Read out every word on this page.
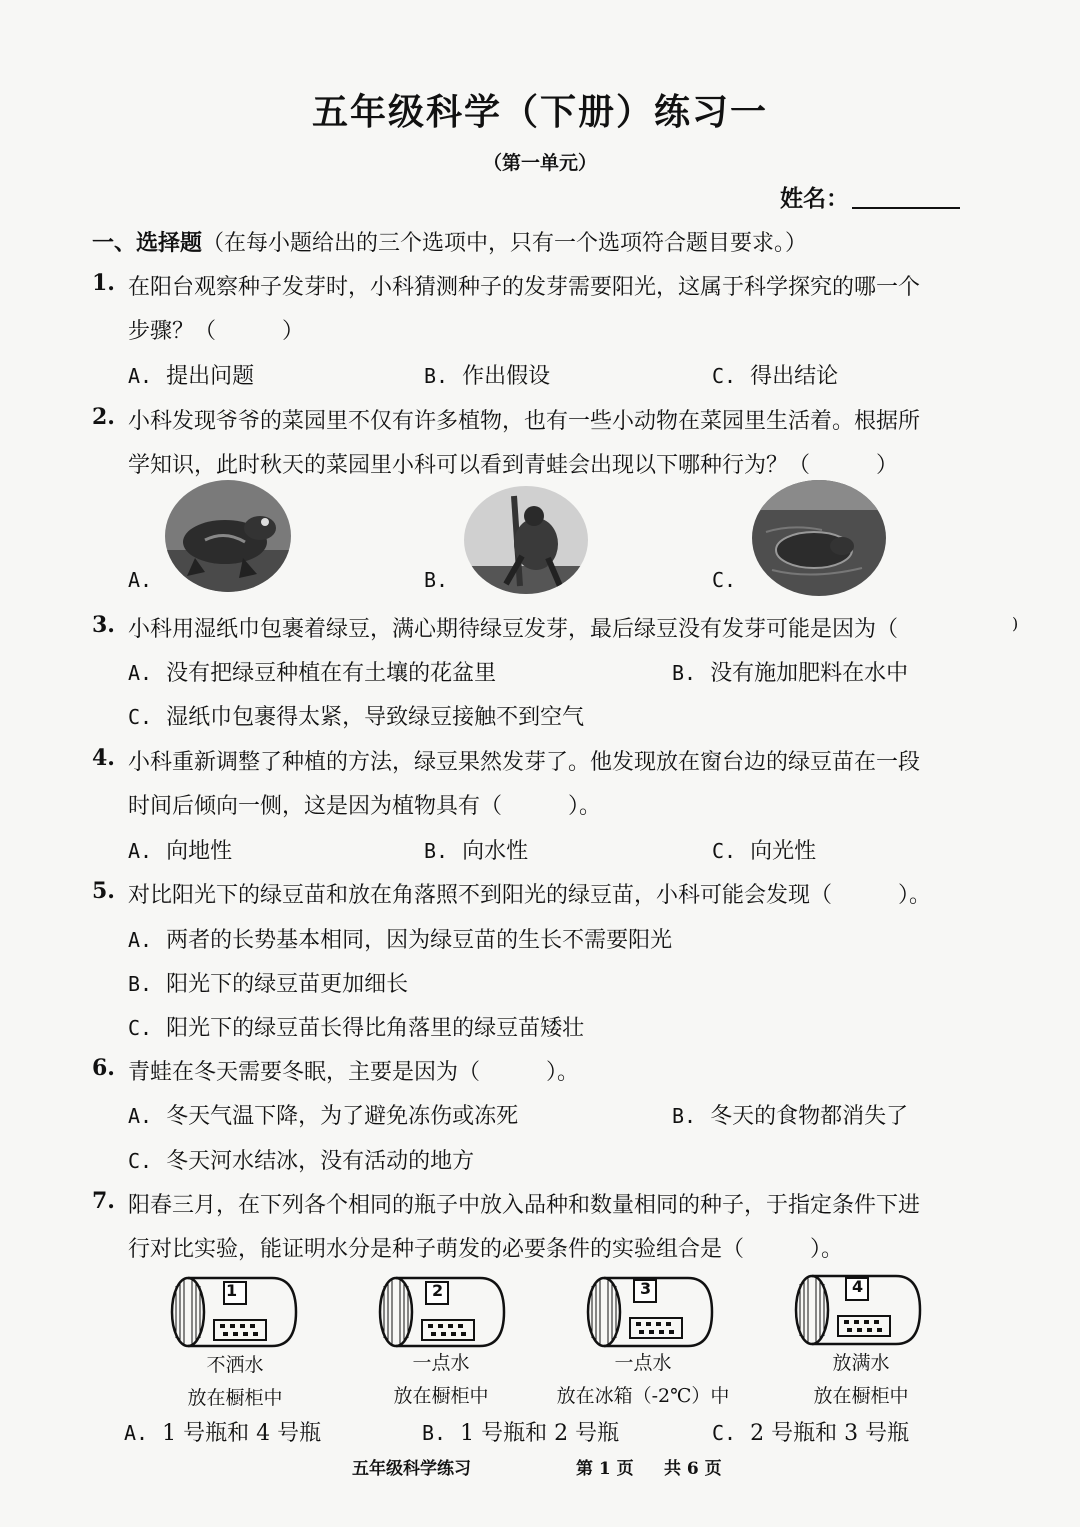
五年级科学（下册）练习一
（第一单元）
姓名：
一、选择题（在每小题给出的三个选项中，只有一个选项符合题目要求。）
1. 在阳台观察种子发芽时，小科猜测种子的发芽需要阳光，这属于科学探究的哪一个
步骤？（　　　）
A. 提出问题	B. 作出假设	C. 得出结论
2. 小科发现爷爷的菜园里不仅有许多植物，也有一些小动物在菜园里生活着。根据所
学知识，此时秋天的菜园里小科可以看到青蛙会出现以下哪种行为？（　　　）
A.	B.	C.
3. 小科用湿纸巾包裹着绿豆，满心期待绿豆发芽，最后绿豆没有发芽可能是因为（	)
A. 没有把绿豆种植在有土壤的花盆里	B. 没有施加肥料在水中
C. 湿纸巾包裹得太紧，导致绿豆接触不到空气
4. 小科重新调整了种植的方法，绿豆果然发芽了。他发现放在窗台边的绿豆苗在一段
时间后倾向一侧，这是因为植物具有（　　　）。
A. 向地性	B. 向水性	C. 向光性
5. 对比阳光下的绿豆苗和放在角落照不到阳光的绿豆苗，小科可能会发现（　　　）。
A. 两者的长势基本相同，因为绿豆苗的生长不需要阳光
B. 阳光下的绿豆苗更加细长
C. 阳光下的绿豆苗长得比角落里的绿豆苗矮壮
6. 青蛙在冬天需要冬眠，主要是因为（　　　）。
A. 冬天气温下降，为了避免冻伤或冻死	B. 冬天的食物都消失了
C. 冬天河水结冰，没有活动的地方
7. 阳春三月，在下列各个相同的瓶子中放入品种和数量相同的种子，于指定条件下进
行对比实验，能证明水分是种子萌发的必要条件的实验组合是（　　　）。
1
不洒水
放在橱柜中
2
一点水
放在橱柜中
3
一点水
放在冰箱（-2℃）中
4
放满水
放在橱柜中
A. 1 号瓶和 4 号瓶	B. 1 号瓶和 2 号瓶	C. 2 号瓶和 3 号瓶
五年级科学练习	第 1 页 共 6 页
